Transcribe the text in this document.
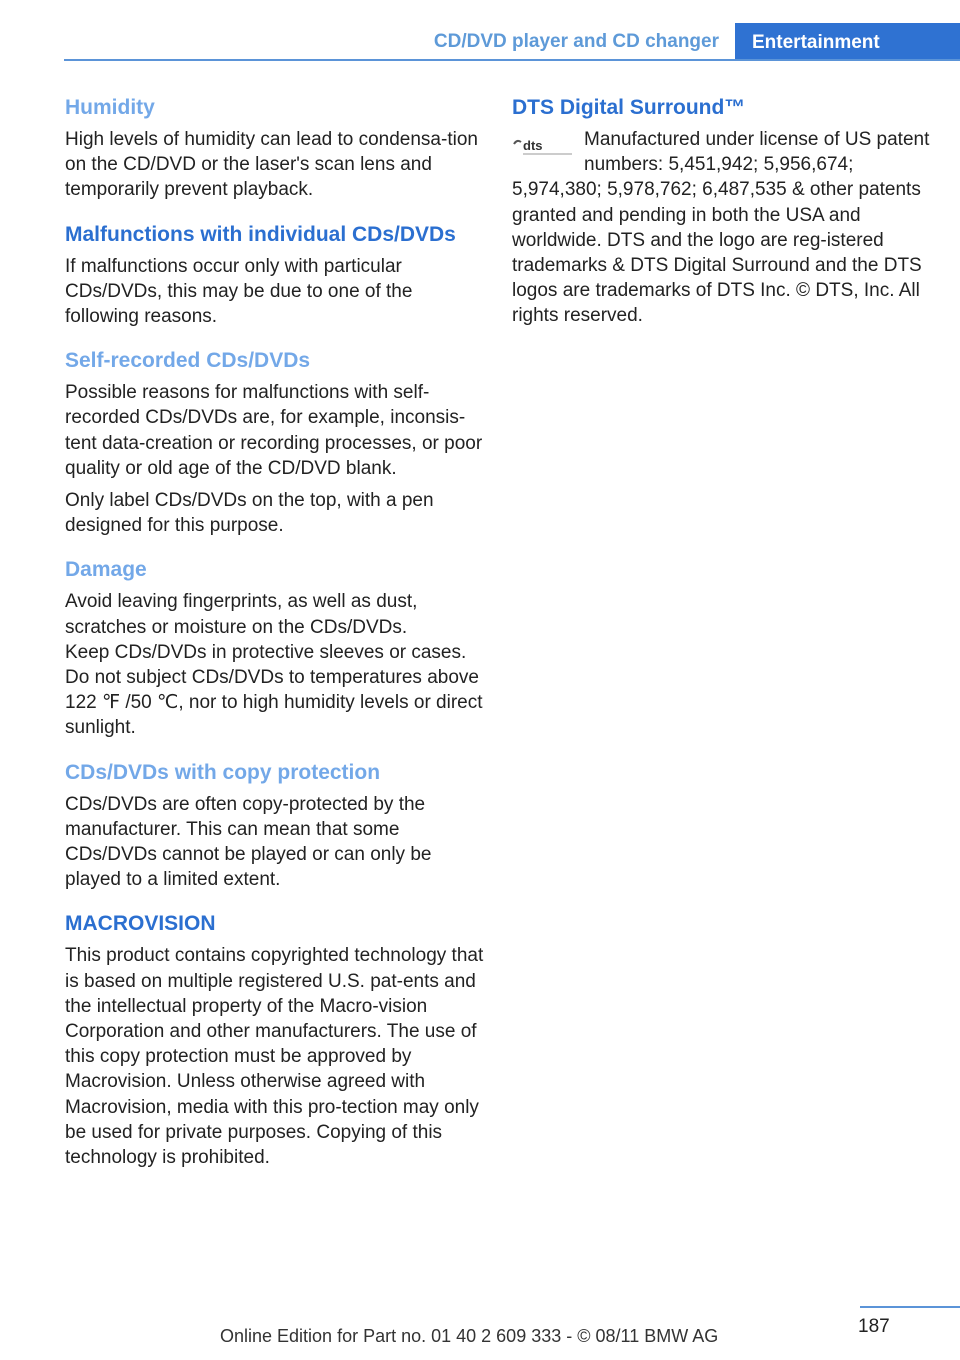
CD/DVD player and CD changer	Entertainment
Humidity

High levels of humidity can lead to condensa-tion on the CD/DVD or the laser's scan lens and temporarily prevent playback.

Malfunctions with individual CDs/DVDs

If malfunctions occur only with particular CDs/DVDs, this may be due to one of the following reasons.

Self-recorded CDs/DVDs

Possible reasons for malfunctions with self-recorded CDs/DVDs are, for example, inconsis-tent data-creation or recording processes, or poor quality or old age of the CD/DVD blank.

Only label CDs/DVDs on the top, with a pen designed for this purpose.

Damage

Avoid leaving fingerprints, as well as dust, scratches or moisture on the CDs/DVDs.

Keep CDs/DVDs in protective sleeves or cases.

Do not subject CDs/DVDs to temperatures above 122 ℉ /50 ℃, nor to high humidity levels or direct sunlight.

CDs/DVDs with copy protection

CDs/DVDs are often copy-protected by the manufacturer. This can mean that some CDs/DVDs cannot be played or can only be played to a limited extent.

MACROVISION

This product contains copyrighted technology that is based on multiple registered U.S. pat-ents and the intellectual property of the Macro-vision Corporation and other manufacturers. The use of this copy protection must be approved by Macrovision. Unless otherwise agreed with Macrovision, media with this pro-tection may only be used for private purposes. Copying of this technology is prohibited.

DTS Digital Surround™
dts	Manufactured under license of US patent numbers: 5,451,942; 5,956,674; 5,974,380; 5,978,762; 6,487,535 & other patents granted and pending in both the USA and worldwide. DTS and the logo are reg-istered trademarks & DTS Digital Surround and the DTS logos are trademarks of DTS Inc. © DTS, Inc. All rights reserved.

187
Online Edition for Part no. 01 40 2 609 333 - © 08/11 BMW AG
